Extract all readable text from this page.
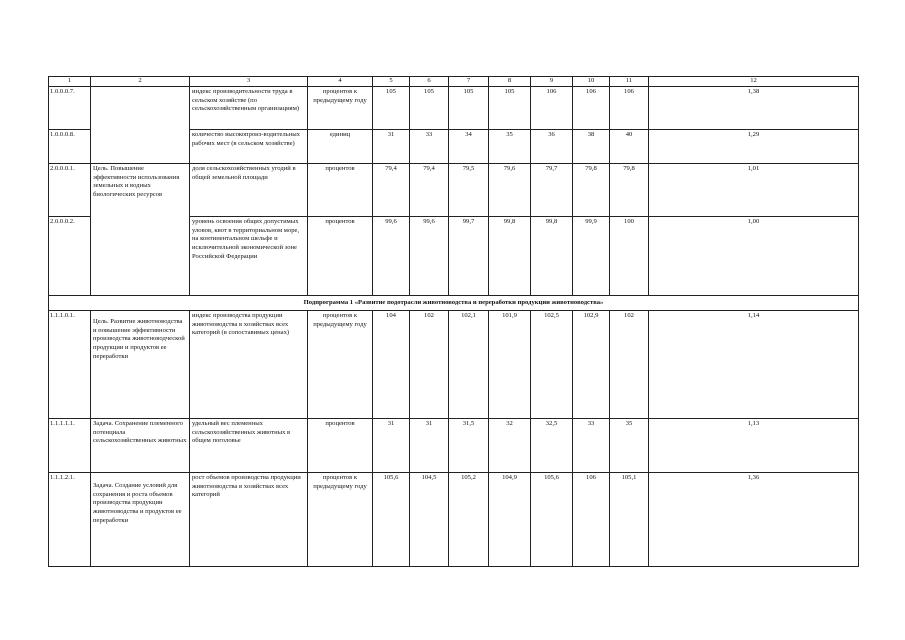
1	2	3	4	5	6	7	8	9	10	11	12
1.0.0.0.7.		индекс производительности труда в сельском хозяйстве (по сельскохозяйственным организациям)	процентов к предыдущему году	105	105	105	105	106	106	106	1,38
1.0.0.0.8.		количество высокопроиз-водительных рабочих мест (в сельском хозяйстве)	единиц	31	33	34	35	36	38	40	1,29
2.0.0.0.1.	Цель. Повышение эффективности использования земельных и водных биологических ресурсов	доля сельскохозяйственных угодий в общей земельной площади	процентов	79,4	79,4	79,5	79,6	79,7	79,8	79,8	1,01
2.0.0.0.2.		уровень освоения общих допустимых уловов, квот в территориальном море, на континентальном шельфе и исключительной экономической зоне Российской Федерации	процентов	99,6	99,6	99,7	99,8	99,8	99,9	100	1,00
Подпрограмма 1 «Развитие подотрасли животноводства и переработки продукции животноводства»											
1.1.1.0.1.	Цель. Развитие животноводства и повышение эффективности производства животноводческой продукции и продуктов ее переработки	индекс производства продукции животноводства в хозяйствах всех категорий (в сопоставимых ценах)	процентов к предыдущему году	104	102	102,1	101,9	102,5	102,9	102	1,14
1.1.1.1.1.	Задача. Сохранение племенного потенциала сельскохозяйственных животных	удельный вес племенных сельскохозяйственных животных в общем поголовье	процентов	31	31	31,5	32	32,5	33	35	1,13
1.1.1.2.1.	Задача. Создание условий для сохранения и роста объемов производства продукции животноводства и продуктов ее переработки	рост объемов производства продукции животноводства в хозяйствах всех категорий	процентов к предыдущему году	105,6	104,5	105,2	104,9	105,6	106	105,1	1,36
